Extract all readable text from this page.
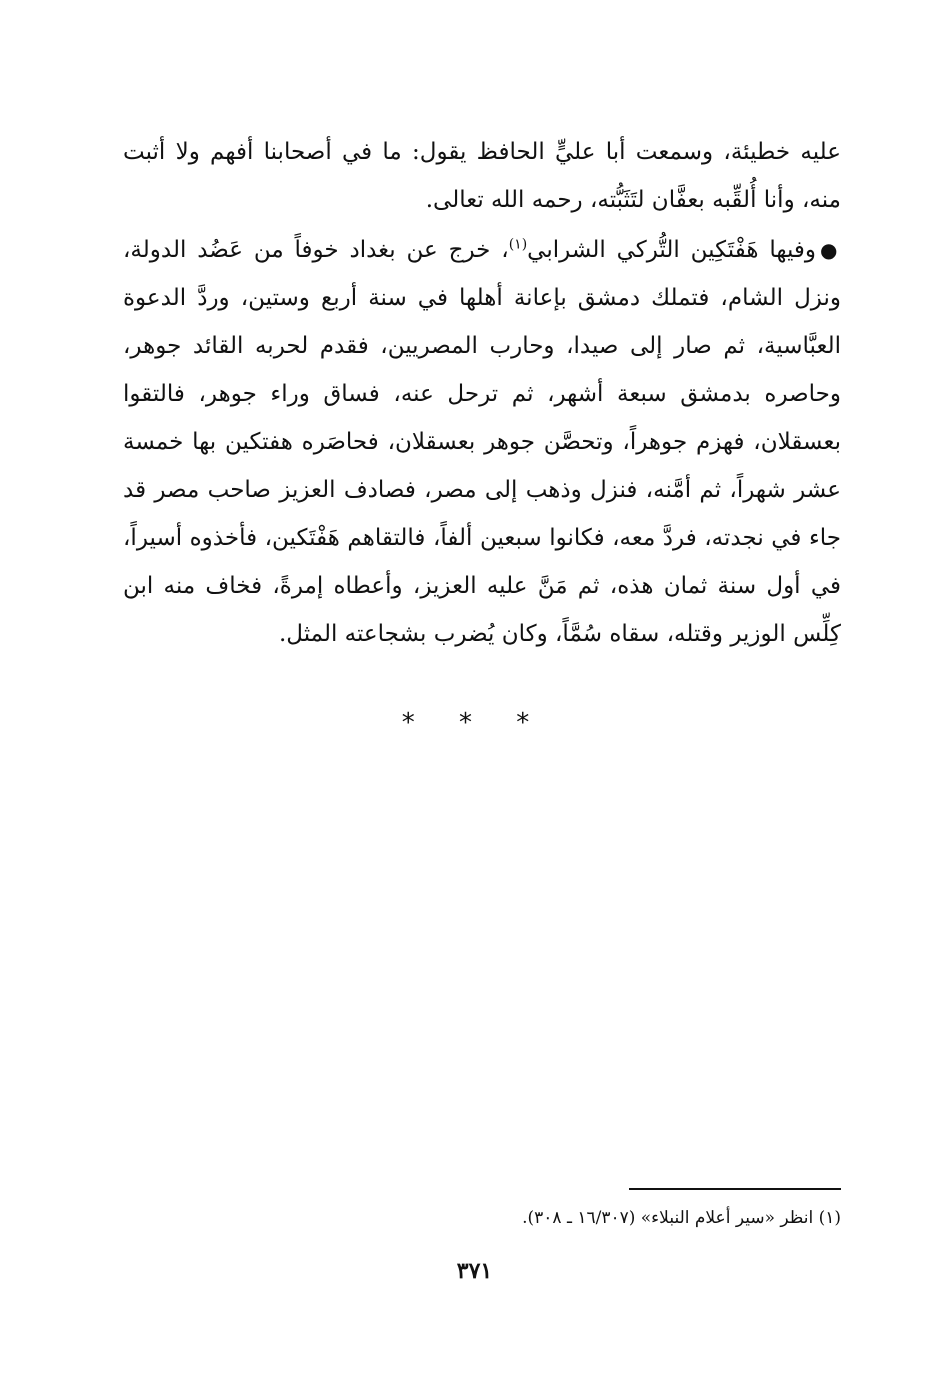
عليه خطيئة، وسمعت أبا عليٍّ الحافظ يقول: ما في أصحابنا أفهم ولا أثبت منه، وأنا أُلقِّبه بعفَّان لتَثَبُّته، رحمه الله تعالى.

●وفيها هَفْتَكِين التُّركي الشرابي$^{(١)}$، خرج عن بغداد خوفاً من عَضُد الدولة، ونزل الشام، فتملك دمشق بإعانة أهلها في سنة أربع وستين، وردَّ الدعوة العبَّاسية، ثم صار إلى صيدا، وحارب المصريين، فقدم لحربه القائد جوهر، وحاصره بدمشق سبعة أشهر، ثم ترحل عنه، فساق وراء جوهر، فالتقوا بعسقلان، فهزم جوهراً، وتحصَّن جوهر بعسقلان، فحاصَره هفتكين بها خمسة عشر شهراً، ثم أمَّنه، فنزل وذهب إلى مصر، فصادف العزيز صاحب مصر قد جاء في نجدته، فردَّ معه، فكانوا سبعين ألفاً، فالتقاهم هَفْتَكين، فأخذوه أسيراً، في أول سنة ثمان هذه، ثم مَنَّ عليه العزيز، وأعطاه إمرةً، فخاف منه ابن كِلِّس الوزير وقتله، سقاه سُمَّاً، وكان يُضرب بشجاعته المثل.

* * *
(١) انظر «سير أعلام النبلاء» (١٦/٣٠٧ ـ ٣٠٨).
٣٧١
